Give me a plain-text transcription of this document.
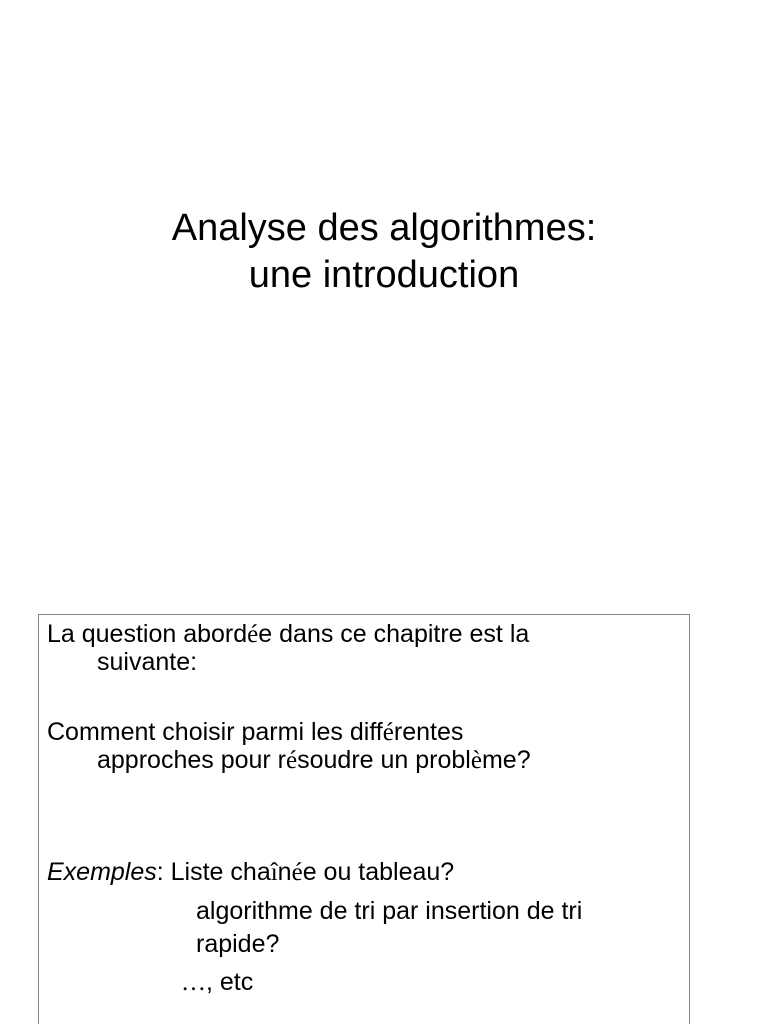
Analyse des algorithmes:
une introduction
La question abordée dans ce chapitre est la
suivante:
Comment choisir parmi les différentes
approches pour résoudre un problème?
Exemples: Liste chaînée ou tableau?
algorithme de tri par insertion de tri
rapide?
…, etc
